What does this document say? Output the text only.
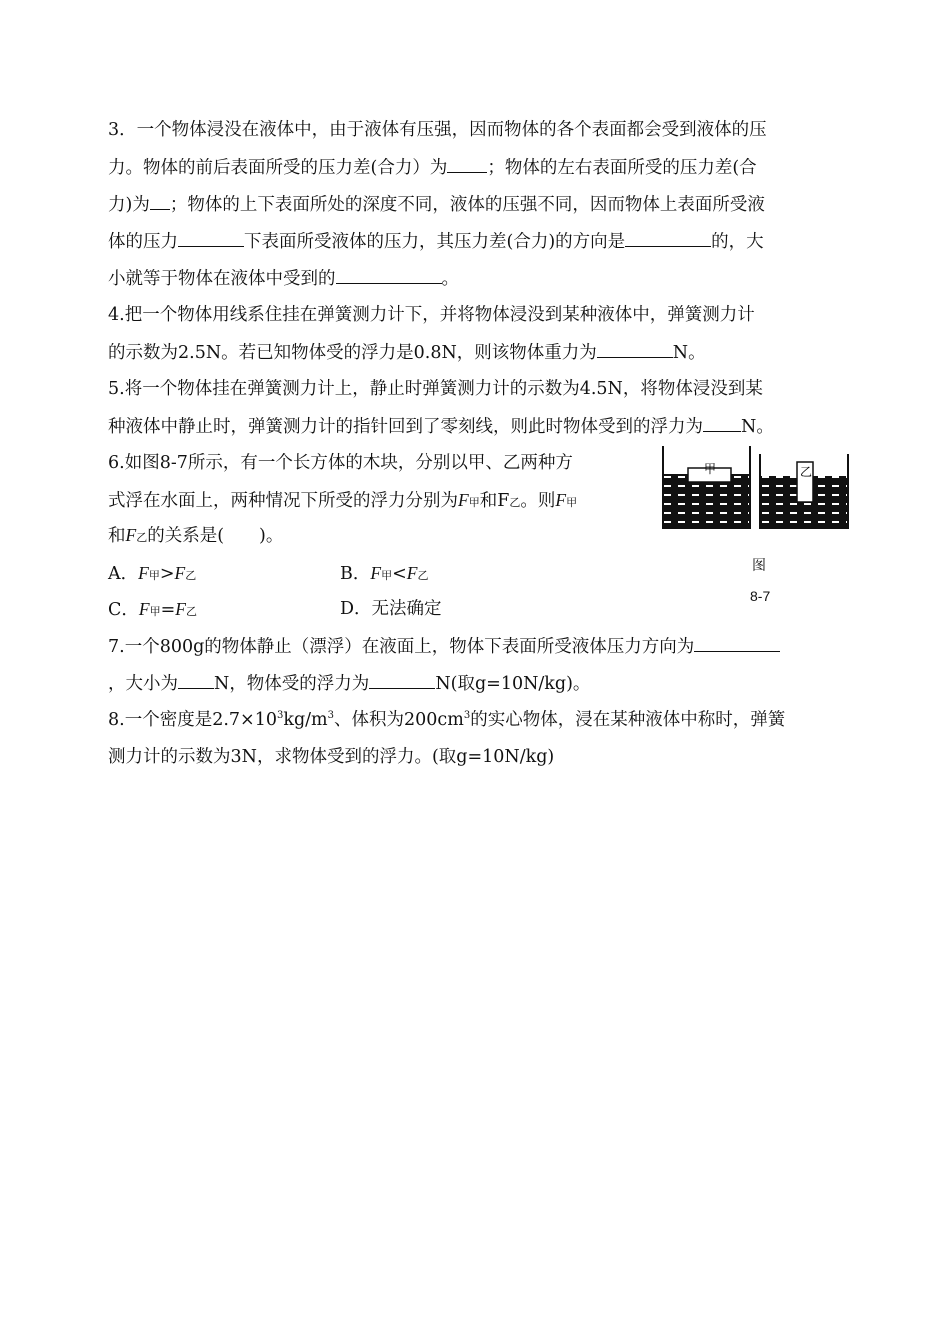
3．一个物体浸没在液体中，由于液体有压强，因而物体的各个表面都会受到液体的压
力。物体的前后表面所受的压力差(合力）为 ；物体的左右表面所受的压力差(合
力)为 ；物体的上下表面所处的深度不同，液体的压强不同，因而物体上表面所受液
体的压力	下表面所受液体的压力，其压力差(合力)的方向是	的，大
小就等于物体在液体中受到的	。
4.把一个物体用线系住挂在弹簧测力计下，并将物体浸没到某种液体中，弹簧测力计
的示数为2.5N。若已知物体受的浮力是0.8N，则该物体重力为	N。
5.将一个物体挂在弹簧测力计上，静止时弹簧测力计的示数为4.5N，将物体浸没到某
种液体中静止时，弹簧测力计的指针回到了零刻线，则此时物体受到的浮力为 N。
6.如图8-7所示，有一个长方体的木块，分别以甲、乙两种方
式浮在水面上，两种情况下所受的浮力分别为F甲和F乙。则F甲
和F乙的关系是(　　)。
A．F甲>F乙	B．F甲<F乙
C．F甲=F乙	D．无法确定
甲	乙
图
8-7
7.一个800g的物体静止（漂浮）在液面上，物体下表面所受液体压力方向为
，大小为 N，物体受的浮力为	N(取g=10N/kg)。
8.一个密度是$2.7\times 10^3kg/m^3$、体积为$200cm^3$的实心物体，浸在某种液体中称时，弹簧
测力计的示数为3N，求物体受到的浮力。(取g=10N/kg)
